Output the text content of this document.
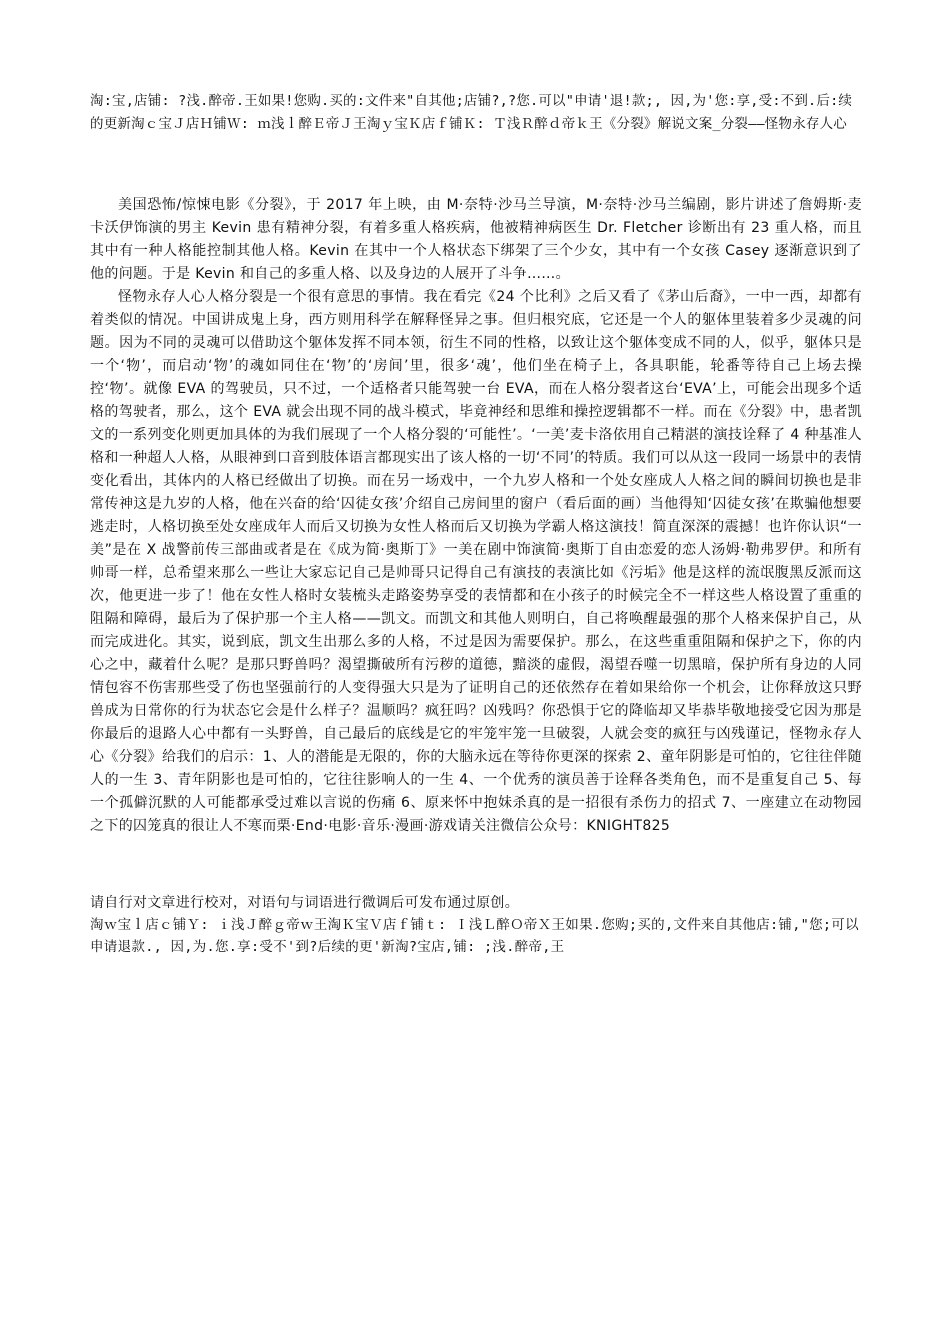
淘:宝,店铺: ?浅.醉帝.王如果!您购.买的:文件来"自其他;店铺?,?您.可以"申请'退!款;, 因,为'您:享,受:不到.后:续的更新淘ｃ宝Ｊ店Ｈ铺Ｗ: ｍ浅ｌ醉Ｅ帝Ｊ王淘ｙ宝Ｋ店ｆ铺Ｋ: Ｔ浅Ｒ醉ｄ帝ｋ王《分裂》解说文案_分裂——怪物永存人心

美国恐怖/惊悚电影《分裂》，于 2017 年上映，由 M·奈特·沙马兰导演，M·奈特·沙马兰编剧，影片讲述了詹姆斯·麦卡沃伊饰演的男主 Kevin 患有精神分裂，有着多重人格疾病，他被精神病医生 Dr. Fletcher 诊断出有 23 重人格，而且其中有一种人格能控制其他人格。Kevin 在其中一个人格状态下绑架了三个少女，其中有一个女孩 Casey 逐渐意识到了他的问题。于是 Kevin 和自己的多重人格、以及身边的人展开了斗争……。

怪物永存人心人格分裂是一个很有意思的事情。我在看完《24 个比利》之后又看了《茅山后裔》，一中一西，却都有着类似的情况。中国讲成鬼上身，西方则用科学在解释怪异之事。但归根究底，它还是一个人的躯体里装着多少灵魂的问题。因为不同的灵魂可以借助这个躯体发挥不同本领，衍生不同的性格，以致让这个躯体变成不同的人，似乎，躯体只是一个‘物’，而启动‘物’的魂如同住在‘物’的‘房间’里，很多‘魂’，他们坐在椅子上，各具职能，轮番等待自己上场去操控‘物’。就像 EVA 的驾驶员，只不过，一个适格者只能驾驶一台 EVA，而在人格分裂者这台‘EVA’上，可能会出现多个适格的驾驶者，那么，这个 EVA 就会出现不同的战斗模式，毕竟神经和思维和操控逻辑都不一样。而在《分裂》中，患者凯文的一系列变化则更加具体的为我们展现了一个人格分裂的‘可能性’。‘一美’麦卡洛依用自己精湛的演技诠释了 4 种基准人格和一种超人人格，从眼神到口音到肢体语言都现实出了该人格的一切‘不同’的特质。我们可以从这一段同一场景中的表情变化看出，其体内的人格已经做出了切换。而在另一场戏中，一个九岁人格和一个处女座成人人格之间的瞬间切换也是非常传神这是九岁的人格，他在兴奋的给‘囚徒女孩’介绍自己房间里的窗户（看后面的画）当他得知‘囚徒女孩’在欺骗他想要逃走时，人格切换至处女座成年人而后又切换为女性人格而后又切换为学霸人格这演技！简直深深的震撼！也许你认识“一美”是在 X 战警前传三部曲或者是在《成为简·奥斯丁》一美在剧中饰演简·奥斯丁自由恋爱的恋人汤姆·勒弗罗伊。和所有帅哥一样，总希望来那么一些让大家忘记自己是帅哥只记得自己有演技的表演比如《污垢》他是这样的流氓腹黑反派而这次，他更进一步了！他在女性人格时女装梳头走路姿势享受的表情都和在小孩子的时候完全不一样这些人格设置了重重的阻隔和障碍，最后为了保护那一个主人格——凯文。而凯文和其他人则明白，自己将唤醒最强的那个人格来保护自己，从而完成进化。其实，说到底，凯文生出那么多的人格，不过是因为需要保护。那么，在这些重重阻隔和保护之下，你的内心之中，藏着什么呢？是那只野兽吗？渴望撕破所有污秽的道德，黯淡的虚假，渴望吞噬一切黑暗，保护所有身边的人同情包容不伤害那些受了伤也坚强前行的人变得强大只是为了证明自己的还依然存在着如果给你一个机会，让你释放这只野兽成为日常你的行为状态它会是什么样子？温顺吗？疯狂吗？凶残吗？你恐惧于它的降临却又毕恭毕敬地接受它因为那是你最后的退路人心中都有一头野兽，自己最后的底线是它的牢笼牢笼一旦破裂，人就会变的疯狂与凶残谨记，怪物永存人心《分裂》给我们的启示：1、人的潜能是无限的，你的大脑永远在等待你更深的探索 2、童年阴影是可怕的，它往往伴随人的一生 3、青年阴影也是可怕的，它往往影响人的一生 4、一个优秀的演员善于诠释各类角色，而不是重复自己 5、每一个孤僻沉默的人可能都承受过难以言说的伤痛 6、原来怀中抱妹杀真的是一招很有杀伤力的招式 7、一座建立在动物园之下的囚笼真的很让人不寒而栗·End·电影·音乐·漫画·游戏请关注微信公众号：KNIGHT825

请自行对文章进行校对，对语句与词语进行微调后可发布通过原创。
淘ｗ宝ｌ店ｃ铺Ｙ: ｉ浅Ｊ醉ｇ帝ｗ王淘Ｋ宝Ｖ店ｆ铺ｔ: Ｉ浅Ｌ醉Ｏ帝Ｘ王如果.您购;买的,文件来自其他店:铺,"您;可以申请退款., 因,为.您.享:受不'到?后续的更'新淘?宝店,铺: ;浅.醉帝,王
